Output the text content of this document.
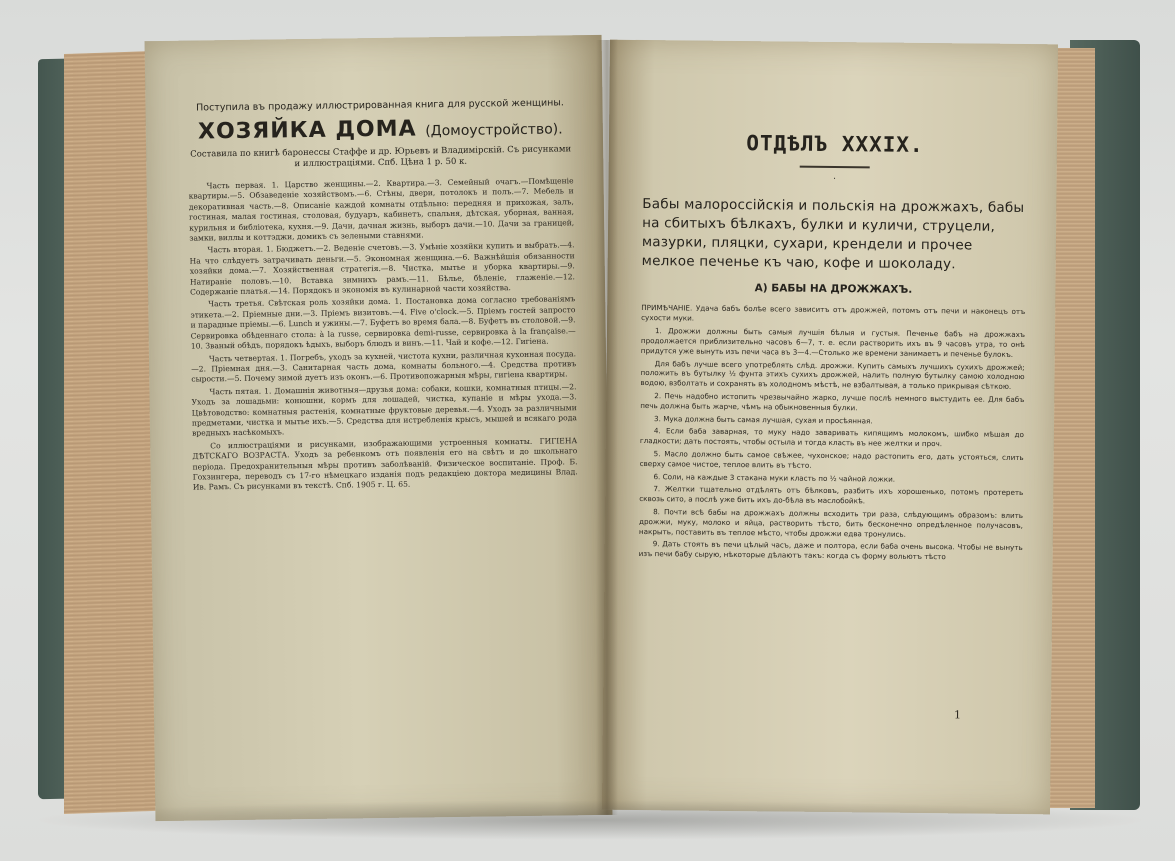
Поступила въ продажу иллюстрированная книга для русской женщины.

ХОЗЯЙКА ДОМА (Домоустройство).

Составила по книгѣ баронессы Стаффе и др. Юрьевъ и Владимірскій. Съ рисунками и иллюстраціями. Спб. Цѣна 1 р. 50 к.

Часть первая. 1. Царство женщины.—2. Квартира.—3. Семейный очагъ.—Помѣщеніе квартиры.—5. Обзаведеніе хозяйствомъ.—6. Стѣны, двери, потолокъ и полъ.—7. Мебель и декоративная часть.—8. Описаніе каждой комнаты отдѣльно: передняя и прихожая, залъ, гостиная, малая гостиная, столовая, будуаръ, кабинетъ, спальня, дѣтская, уборная, ванная, курильня и библіотека, кухня.—9. Дачи, дачная жизнь, выборъ дачи.—10. Дачи за границей, замки, виллы и коттэджи, домикъ съ зелеными ставнями.

Часть вторая. 1. Бюджетъ.—2. Веденіе счетовъ.—3. Умѣніе хозяйки купить и выбрать.—4. На что слѣдуетъ затрачивать деньги.—5. Экономная женщина.—6. Важнѣйшія обязанности хозяйки дома.—7. Хозяйственная стратегія.—8. Чистка, мытье и уборка квартиры.—9. Натираніе половъ.—10. Вставка зимнихъ рамъ.—11. Бѣлье, бѣленіе, глаженіе.—12. Содержаніе платья.—14. Порядокъ и экономія въ кулинарной части хозяйства.

Часть третья. Свѣтская роль хозяйки дома. 1. Постановка дома согласно требованіямъ этикета.—2. Пріемные дни.—3. Пріемъ визитовъ.—4. Five o'clock.—5. Пріемъ гостей запросто и парадные пріемы.—6. Lunch и ужины.—7. Буфетъ во время бала.—8. Буфетъ въ столовой.—9. Сервировка обѣденнаго стола: à la russe, сервировка demi-russe, сервировка à la française.—10. Званый обѣдъ, порядокъ ѣдыхъ, выборъ блюдъ и винъ.—11. Чай и кофе.—12. Гигіена.

Часть четвертая. 1. Погребъ, уходъ за кухней, чистота кухни, различная кухонная посуда.—2. Пріемная дня.—3. Санитарная часть дома, комнаты больного.—4. Средства противъ сырости.—5. Почему зимой дуетъ изъ оконъ.—6. Противопожарныя мѣры, гигіена квартиры.

Часть пятая. 1. Домашнія животныя—друзья дома: собаки, кошки, комнатныя птицы.—2. Уходъ за лошадьми: конюшни, кормъ для лошадей, чистка, купаніе и мѣры ухода.—3. Цвѣтоводство: комнатныя растенія, комнатные фруктовые деревья.—4. Уходъ за различными предметами, чистка и мытье ихъ.—5. Средства для истребленія крысъ, мышей и всякаго рода вредныхъ насѣкомыхъ.

Со иллюстраціями и рисунками, изображающими устроенныя комнаты. ГИГІЕНА ДѢТСКАГО ВОЗРАСТА. Уходъ за ребенкомъ отъ появленія его на свѣтъ и до школьнаго періода. Предохранительныя мѣры противъ заболѣваній. Физическое воспитаніе. Проф. Б. Гохзингера, переводъ съ 17-го нѣмецкаго изданія подъ редакціею доктора медицины Влад. Ив. Рамъ. Съ рисунками въ текстѣ. Спб. 1905 г. Ц. 65.

ОТДѢЛЪ XXXIX.

·

Бабы малороссійскія и польскія на дрожжахъ, бабы на сбитыхъ бѣлкахъ, булки и куличи, струцели, мазурки, пляцки, сухари, крендели и прочее мелкое печенье къ чаю, кофе и шоколаду.

А) БАБЫ НА ДРОЖЖАХЪ.

ПРИМѢЧАНІЕ. Удача бабъ болѣе всего зависитъ отъ дрожжей, потомъ отъ печи и наконецъ отъ сухости муки.

1. Дрожжи должны быть самыя лучшія бѣлыя и густыя. Печенье бабъ на дрожжахъ продолжается приблизительно часовъ 6—7, т. е. если растворить ихъ въ 9 часовъ утра, то онѣ придутся уже вынуть изъ печи часа въ 3—4.—Столько же времени занимаетъ и печенье булокъ.

Для бабъ лучше всего употреблять слѣд. дрожжи. Купить самыхъ лучшихъ сухихъ дрожжей; положить въ бутылку ½ фунта этихъ сухихъ дрожжей, налить полную бутылку самою холодною водою, взболтать и сохранять въ холодномъ мѣстѣ, не взбалтывая, а только прикрывая сѣткою.

2. Печь надобно истопить чрезвычайно жарко, лучше послѣ немного выстудить ее. Для бабъ печь должна быть жарче, чѣмъ на обыкновенныя булки.

3. Мука должна быть самая лучшая, сухая и просѣянная.

4. Если баба заварная, то муку надо заваривать кипящимъ молокомъ, шибко мѣшая до гладкости; дать постоять, чтобы остыла и тогда класть въ нее желтки и проч.

5. Масло должно быть самое свѣжее, чухонское; надо растопить его, дать устояться, слить сверху самое чистое, теплое влить въ тѣсто.

6. Соли, на каждые 3 стакана муки класть по ½ чайной ложки.

7. Желтки тщательно отдѣлять отъ бѣлковъ, разбить ихъ хорошенько, потомъ протереть сквозь сито, а послѣ уже бить ихъ до-бѣла въ маслобойкѣ.

8. Почти всѣ бабы на дрожжахъ должны всходить три раза, слѣдующимъ образомъ: влить дрожжи, муку, молоко и яйца, растворить тѣсто, бить бесконечно опредѣленное получасовъ, накрыть, поставить въ теплое мѣсто, чтобы дрожжи едва тронулись.

9. Дать стоять въ печи цѣлый часъ, даже и полтора, если баба очень высока. Чтобы не вынуть изъ печи бабу сырую, нѣкоторые дѣлаютъ такъ: когда съ форму вольютъ тѣсто

1
